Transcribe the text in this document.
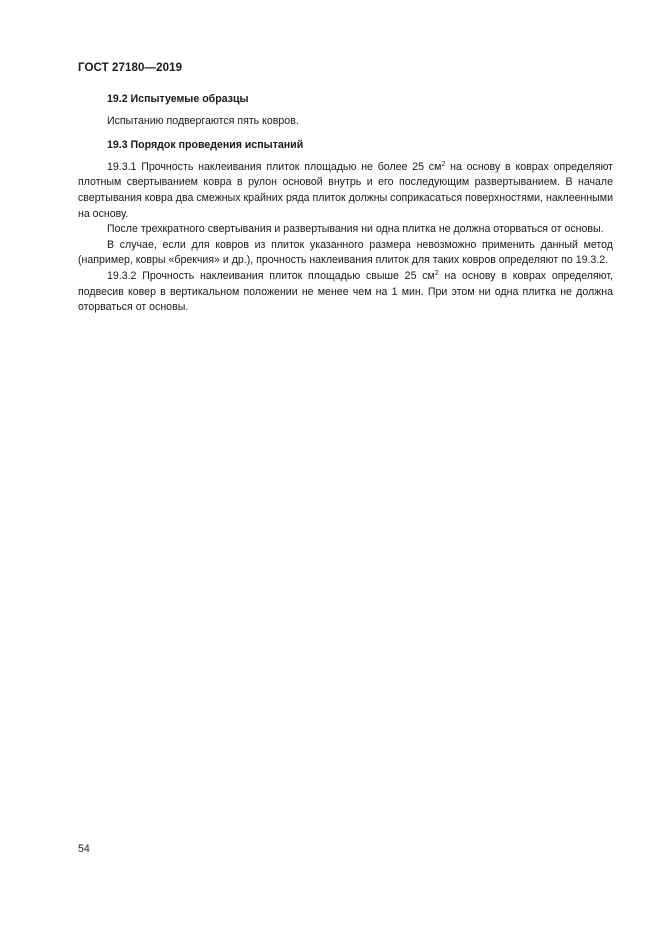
ГОСТ 27180—2019

19.2 Испытуемые образцы

Испытанию подвергаются пять ковров.

19.3 Порядок проведения испытаний

19.3.1 Прочность наклеивания плиток площадью не более 25 $см^2$ на основу в коврах определяют плотным свертыванием ковра в рулон основой внутрь и его последующим развертыванием. В начале свертывания ковра два смежных крайних ряда плиток должны соприкасаться поверхностями, наклеенными на основу.

После трехкратного свертывания и развертывания ни одна плитка не должна оторваться от основы.

В случае, если для ковров из плиток указанного размера невозможно применить данный метод (например, ковры «брекчия» и др.), прочность наклеивания плиток для таких ковров определяют по 19.3.2.

19.3.2 Прочность наклеивания плиток площадью свыше 25 $см^2$ на основу в коврах определяют, подвесив ковер в вертикальном положении не менее чем на 1 мин. При этом ни одна плитка не должна оторваться от основы.

54
